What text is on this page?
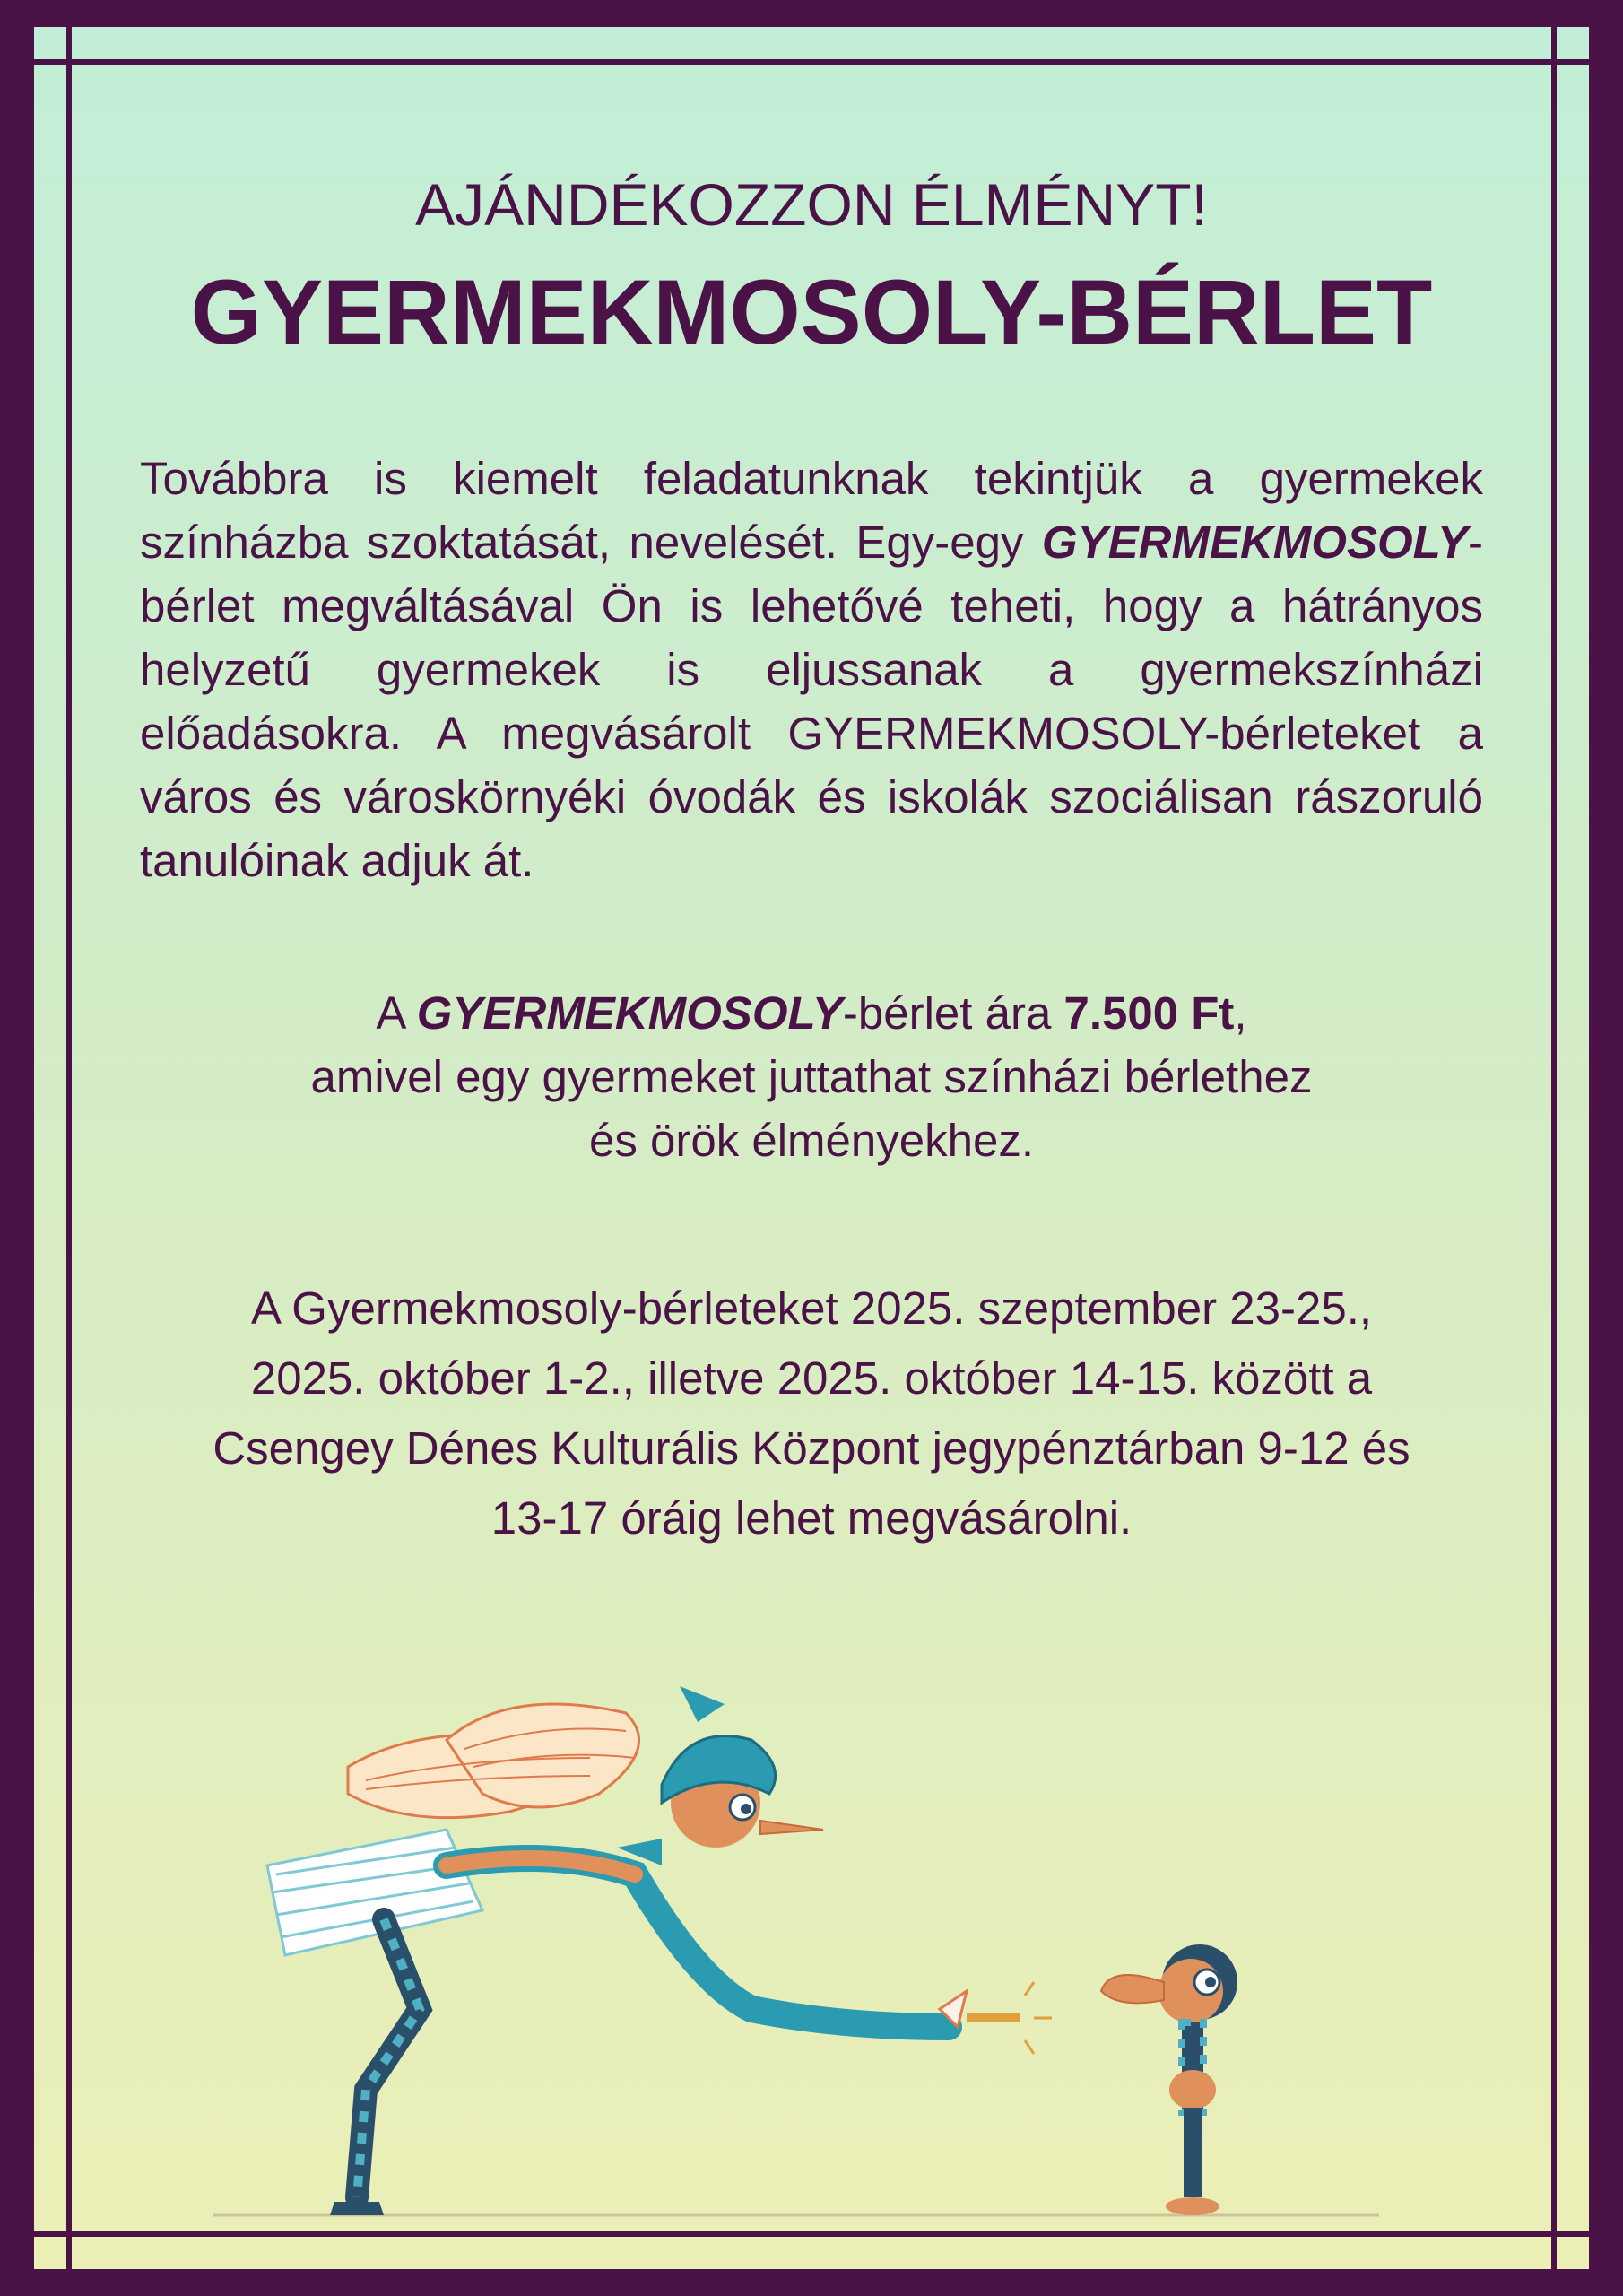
AJÁNDÉKOZZON ÉLMÉNYT!
GYERMEKMOSOLY-BÉRLET

Továbbra is kiemelt feladatunknak tekintjük a gyermekek színházba szoktatását, nevelését. Egy-egy GYERMEKMOSOLY-bérlet megváltásával Ön is lehetővé teheti, hogy a hátrányos helyzetű gyermekek is eljussanak a gyermekszínházi előadásokra. A megvásárolt GYERMEKMOSOLY-bérleteket a város és városkörnyéki óvodák és iskolák szociálisan rászoruló tanulóinak adjuk át.

A GYERMEKMOSOLY-bérlet ára 7.500 Ft,
amivel egy gyermeket juttathat színházi bérlethez
és örök élményekhez.
A Gyermekmosoly-bérleteket 2025. szeptember 23-25.,
2025. október 1-2., illetve 2025. október 14-15. között a
Csengey Dénes Kulturális Központ jegypénztárban 9-12 és
13-17 óráig lehet megvásárolni.
